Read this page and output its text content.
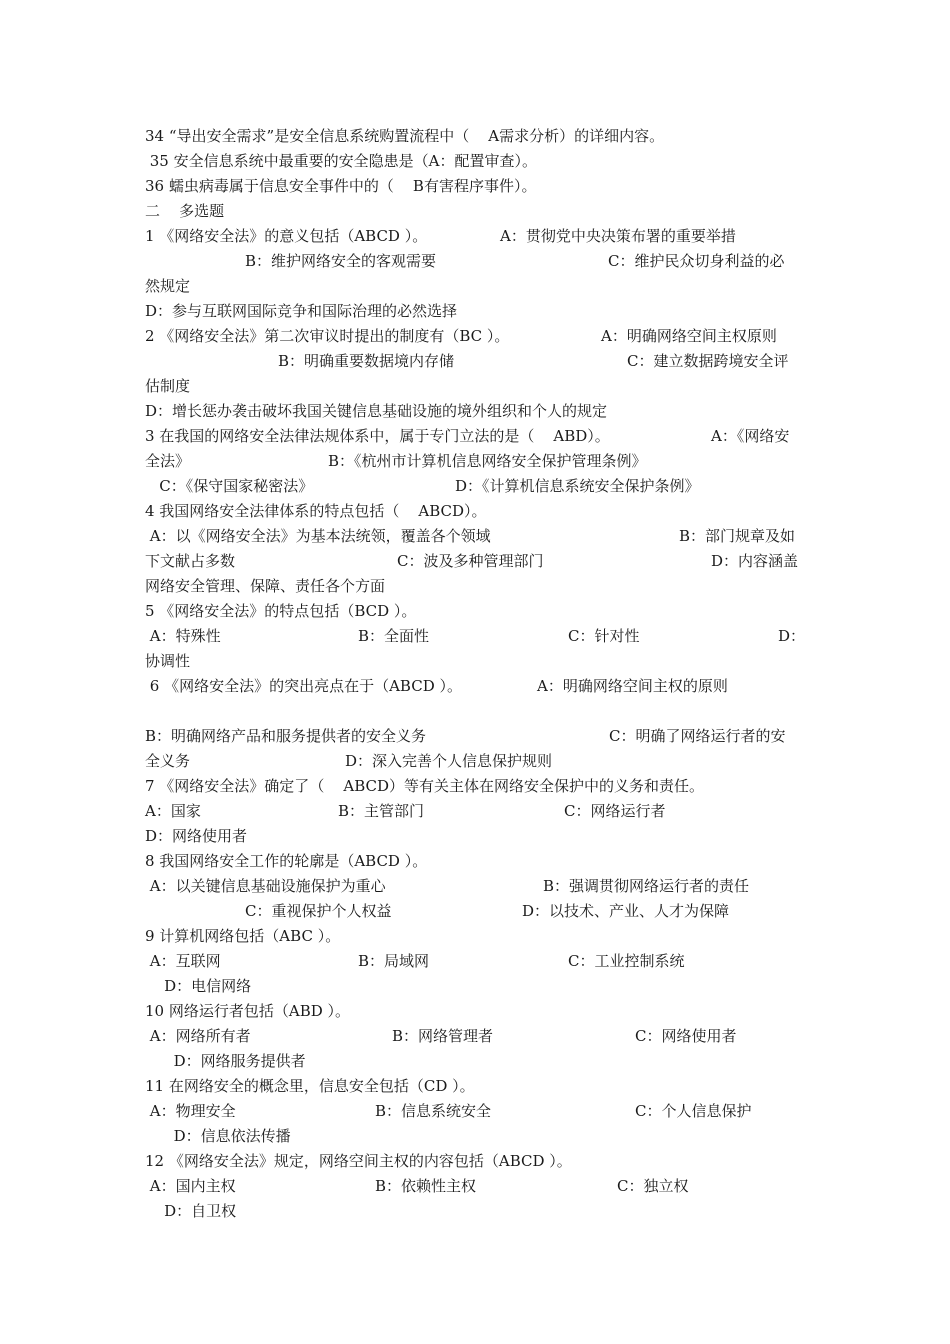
34 “导出安全需求”是安全信息系统购置流程中（    A需求分析）的详细内容。
35 安全信息系统中最重要的安全隐患是（A：配置审查）。
36 蠕虫病毒属于信息安全事件中的（    B有害程序事件）。
二    多选题

1 《网络安全法》的意义包括（ABCD ）。

	A：贯彻党中央决策布署的重要举措

B：维护网络安全的客观需要

	C：维护民众切身利益的必

然规定
D：参与互联网国际竞争和国际治理的必然选择

2 《网络安全法》第二次审议时提出的制度有（BC ）。

	A：明确网络空间主权原则

B：明确重要数据境内存储

	C：建立数据跨境安全评

估制度
D：增长惩办袭击破坏我国关键信息基础设施的境外组织和个人的规定

3 在我国的网络安全法律法规体系中，属于专门立法的是（    ABD）。

	A：《网络安

全法》

	B：《杭州市计算机信息网络安全保护管理条例》

C：《保守国家秘密法》

	D：《计算机信息系统安全保护条例》

4 我国网络安全法律体系的特点包括（    ABCD）。

A：以《网络安全法》为基本法统领，覆盖各个领域

	B：部门规章及如

下文献占多数

	C：波及多种管理部门

	D：内容涵盖

网络安全管理、保障、责任各个方面
5 《网络安全法》的特点包括（BCD ）。

A：特殊性

	B：全面性

	C：针对性

	D：

协调性

6 《网络安全法》的突出亮点在于（ABCD ）。

	A：明确网络空间主权的原则

B：明确网络产品和服务提供者的安全义务

	C：明确了网络运行者的安

全义务

	D：深入完善个人信息保护规则

7 《网络安全法》确定了（    ABCD）等有关主体在网络安全保护中的义务和责任。

A：国家

	B：主管部门

	C：网络运行者

D：网络使用者
8 我国网络安全工作的轮廓是（ABCD ）。

A：以关键信息基础设施保护为重心

	B：强调贯彻网络运行者的责任

C：重视保护个人权益

	D：以技术、产业、人才为保障

9 计算机网络包括（ABC ）。

A：互联网

	B：局域网

	C：工业控制系统

D：电信网络
10 网络运行者包括（ABD ）。

A：网络所有者

	B：网络管理者

	C：网络使用者

D：网络服务提供者
11 在网络安全的概念里，信息安全包括（CD ）。

A：物理安全

	B：信息系统安全

	C：个人信息保护

D：信息依法传播
12 《网络安全法》规定，网络空间主权的内容包括（ABCD ）。

A：国内主权

	B：依赖性主权

	C：独立权

D：自卫权
